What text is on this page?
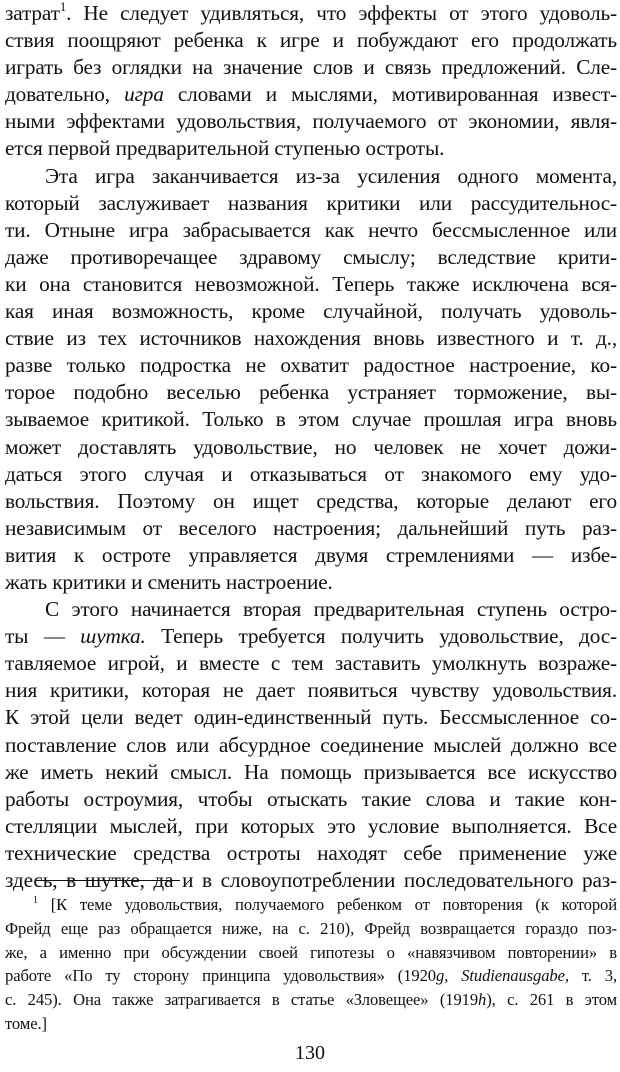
затрат$^1$. Не следует удивляться, что эффекты от этого удоволь-
ствия поощряют ребенка к игре и побуждают его продолжать
играть без оглядки на значение слов и связь предложений. Сле-
довательно, игра словами и мыслями, мотивированная извест-
ными эффектами удовольствия, получаемого от экономии, явля-
ется первой предварительной ступенью остроты.
Эта игра заканчивается из-за усиления одного момента,
который заслуживает названия критики или рассудительнос-
ти. Отныне игра забрасывается как нечто бессмысленное или
даже противоречащее здравому смыслу; вследствие крити-
ки она становится невозможной. Теперь также исключена вся-
кая иная возможность, кроме случайной, получать удоволь-
ствие из тех источников нахождения вновь известного и т. д.,
разве только подростка не охватит радостное настроение, ко-
торое подобно веселью ребенка устраняет торможение, вы-
зываемое критикой. Только в этом случае прошлая игра вновь
может доставлять удовольствие, но человек не хочет дожи-
даться этого случая и отказываться от знакомого ему удо-
вольствия. Поэтому он ищет средства, которые делают его
независимым от веселого настроения; дальнейший путь раз-
вития к остроте управляется двумя стремлениями — избе-
жать критики и сменить настроение.
С этого начинается вторая предварительная ступень остро-
ты — шутка. Теперь требуется получить удовольствие, дос-
тавляемое игрой, и вместе с тем заставить умолкнуть возраже-
ния критики, которая не дает появиться чувству удовольствия.
К этой цели ведет один-единственный путь. Бессмысленное со-
поставление слов или абсурдное соединение мыслей должно все
же иметь некий смысл. На помощь призывается все искусство
работы остроумия, чтобы отыскать такие слова и такие кон-
стелляции мыслей, при которых это условие выполняется. Все
технические средства остроты находят себе применение уже
здесь, в шутке, да и в словоупотреблении последовательного раз-
$^1$ [К теме удовольствия, получаемого ребенком от повторения (к которой
Фрейд еще раз обращается ниже, на с. 210), Фрейд возвращается гораздо поз-
же, а именно при обсуждении своей гипотезы о «навязчивом повторении» в
работе «По ту сторону принципа удовольствия» (1920g, Studienausgabe, т. 3,
с. 245). Она также затрагивается в статье «Зловещее» (1919h), с. 261 в этом
томе.]
130
